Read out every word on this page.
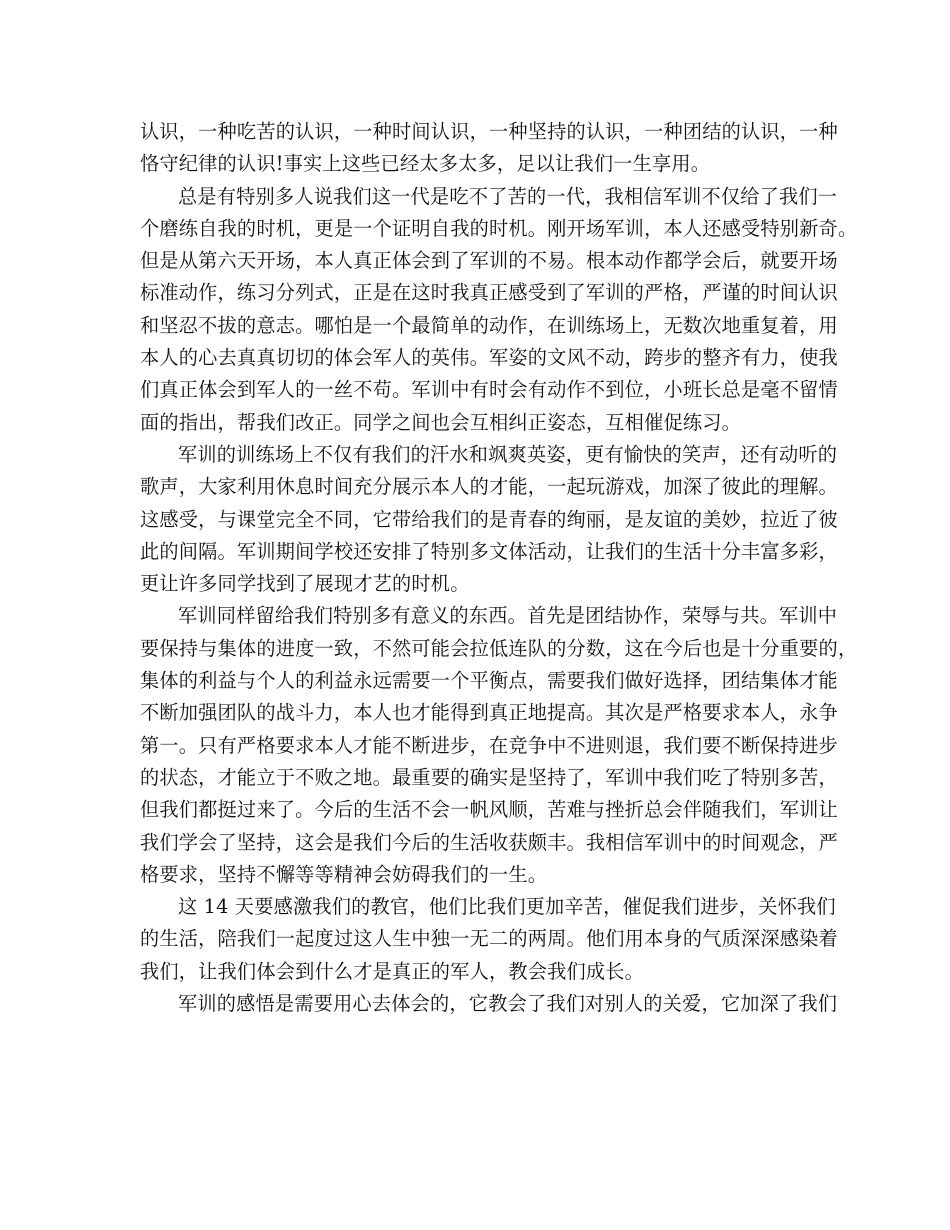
认识，一种吃苦的认识，一种时间认识，一种坚持的认识，一种团结的认识，一种
恪守纪律的认识!事实上这些已经太多太多，足以让我们一生享用。
总是有特别多人说我们这一代是吃不了苦的一代，我相信军训不仅给了我们一
个磨练自我的时机，更是一个证明自我的时机。刚开场军训，本人还感受特别新奇。
但是从第六天开场，本人真正体会到了军训的不易。根本动作都学会后，就要开场
标准动作，练习分列式，正是在这时我真正感受到了军训的严格，严谨的时间认识
和坚忍不拔的意志。哪怕是一个最简单的动作，在训练场上，无数次地重复着，用
本人的心去真真切切的体会军人的英伟。军姿的文风不动，跨步的整齐有力，使我
们真正体会到军人的一丝不苟。军训中有时会有动作不到位，小班长总是毫不留情
面的指出，帮我们改正。同学之间也会互相纠正姿态，互相催促练习。
军训的训练场上不仅有我们的汗水和飒爽英姿，更有愉快的笑声，还有动听的
歌声，大家利用休息时间充分展示本人的才能，一起玩游戏，加深了彼此的理解。
这感受，与课堂完全不同，它带给我们的是青春的绚丽，是友谊的美妙，拉近了彼
此的间隔。军训期间学校还安排了特别多文体活动，让我们的生活十分丰富多彩，
更让许多同学找到了展现才艺的时机。
军训同样留给我们特别多有意义的东西。首先是团结协作，荣辱与共。军训中
要保持与集体的进度一致，不然可能会拉低连队的分数，这在今后也是十分重要的，
集体的利益与个人的利益永远需要一个平衡点，需要我们做好选择，团结集体才能
不断加强团队的战斗力，本人也才能得到真正地提高。其次是严格要求本人，永争
第一。只有严格要求本人才能不断进步，在竞争中不进则退，我们要不断保持进步
的状态，才能立于不败之地。最重要的确实是坚持了，军训中我们吃了特别多苦，
但我们都挺过来了。今后的生活不会一帆风顺，苦难与挫折总会伴随我们，军训让
我们学会了坚持，这会是我们今后的生活收获颇丰。我相信军训中的时间观念，严
格要求，坚持不懈等等精神会妨碍我们的一生。
这 14 天要感激我们的教官，他们比我们更加辛苦，催促我们进步，关怀我们
的生活，陪我们一起度过这人生中独一无二的两周。他们用本身的气质深深感染着
我们，让我们体会到什么才是真正的军人，教会我们成长。
军训的感悟是需要用心去体会的，它教会了我们对别人的关爱，它加深了我们
